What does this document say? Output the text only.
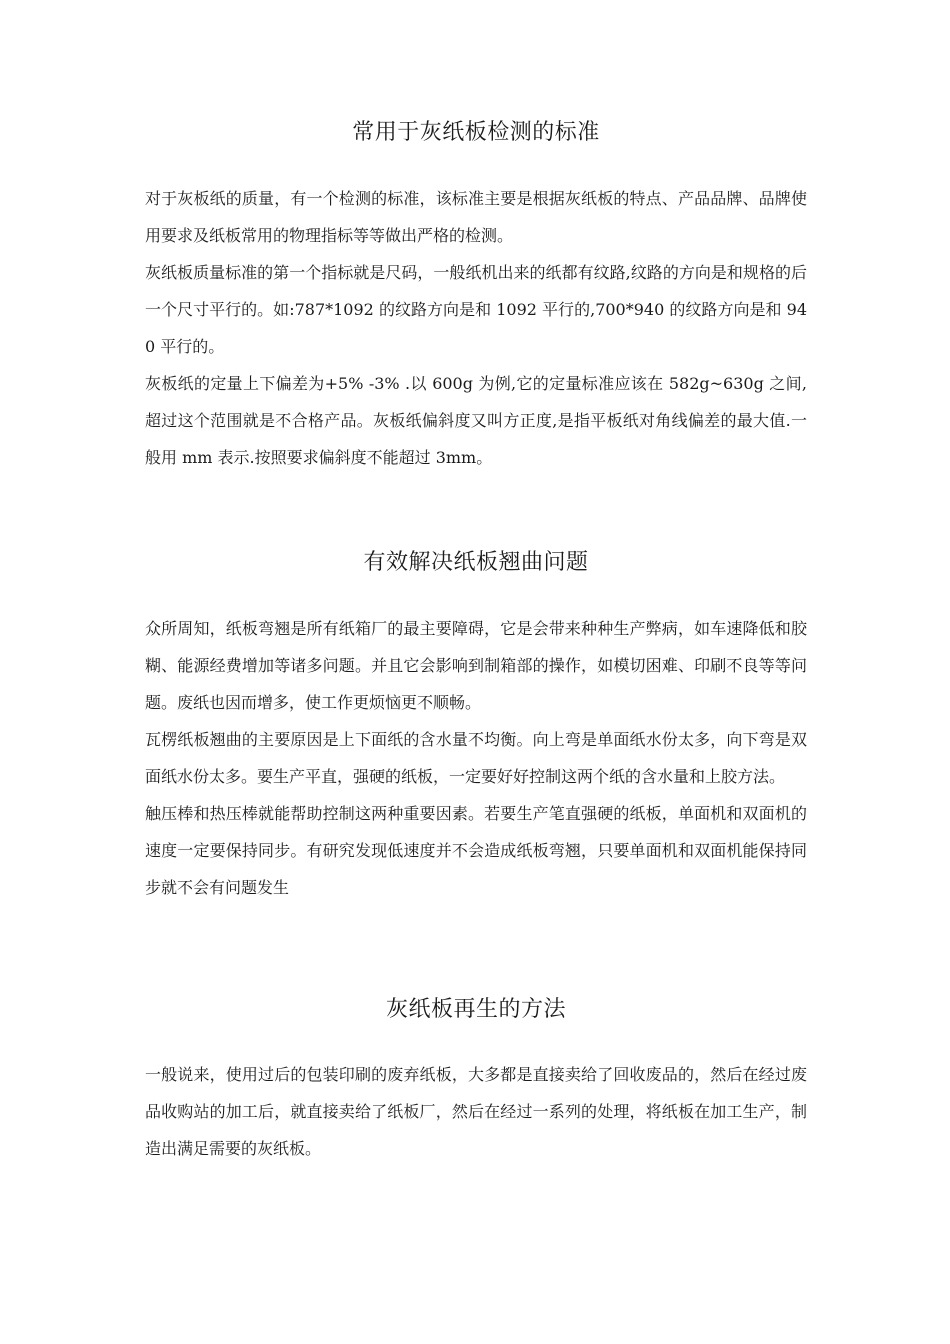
常用于灰纸板检测的标准

对于灰板纸的质量，有一个检测的标准，该标准主要是根据灰纸板的特点、产品品牌、品牌使用要求及纸板常用的物理指标等等做出严格的检测。

灰纸板质量标准的第一个指标就是尺码，一般纸机出来的纸都有纹路,纹路的方向是和规格的后一个尺寸平行的。如:787*1092 的纹路方向是和 1092 平行的,700*940 的纹路方向是和 940 平行的。

灰板纸的定量上下偏差为+5% -3% .以 600g 为例,它的定量标准应该在 582g~630g 之间,超过这个范围就是不合格产品。灰板纸偏斜度又叫方正度,是指平板纸对角线偏差的最大值.一般用 mm 表示.按照要求偏斜度不能超过 3mm。

有效解决纸板翘曲问题

众所周知，纸板弯翘是所有纸箱厂的最主要障碍，它是会带来种种生产弊病，如车速降低和胶糊、能源经费增加等诸多问题。并且它会影响到制箱部的操作，如模切困难、印刷不良等等问题。废纸也因而增多，使工作更烦恼更不顺畅。

瓦楞纸板翘曲的主要原因是上下面纸的含水量不均衡。向上弯是单面纸水份太多，向下弯是双面纸水份太多。要生产平直，强硬的纸板，一定要好好控制这两个纸的含水量和上胶方法。

触压棒和热压棒就能帮助控制这两种重要因素。若要生产笔直强硬的纸板，单面机和双面机的速度一定要保持同步。有研究发现低速度并不会造成纸板弯翘，只要单面机和双面机能保持同步就不会有问题发生

灰纸板再生的方法

一般说来，使用过后的包装印刷的废弃纸板，大多都是直接卖给了回收废品的，然后在经过废品收购站的加工后，就直接卖给了纸板厂，然后在经过一系列的处理，将纸板在加工生产，制造出满足需要的灰纸板。
